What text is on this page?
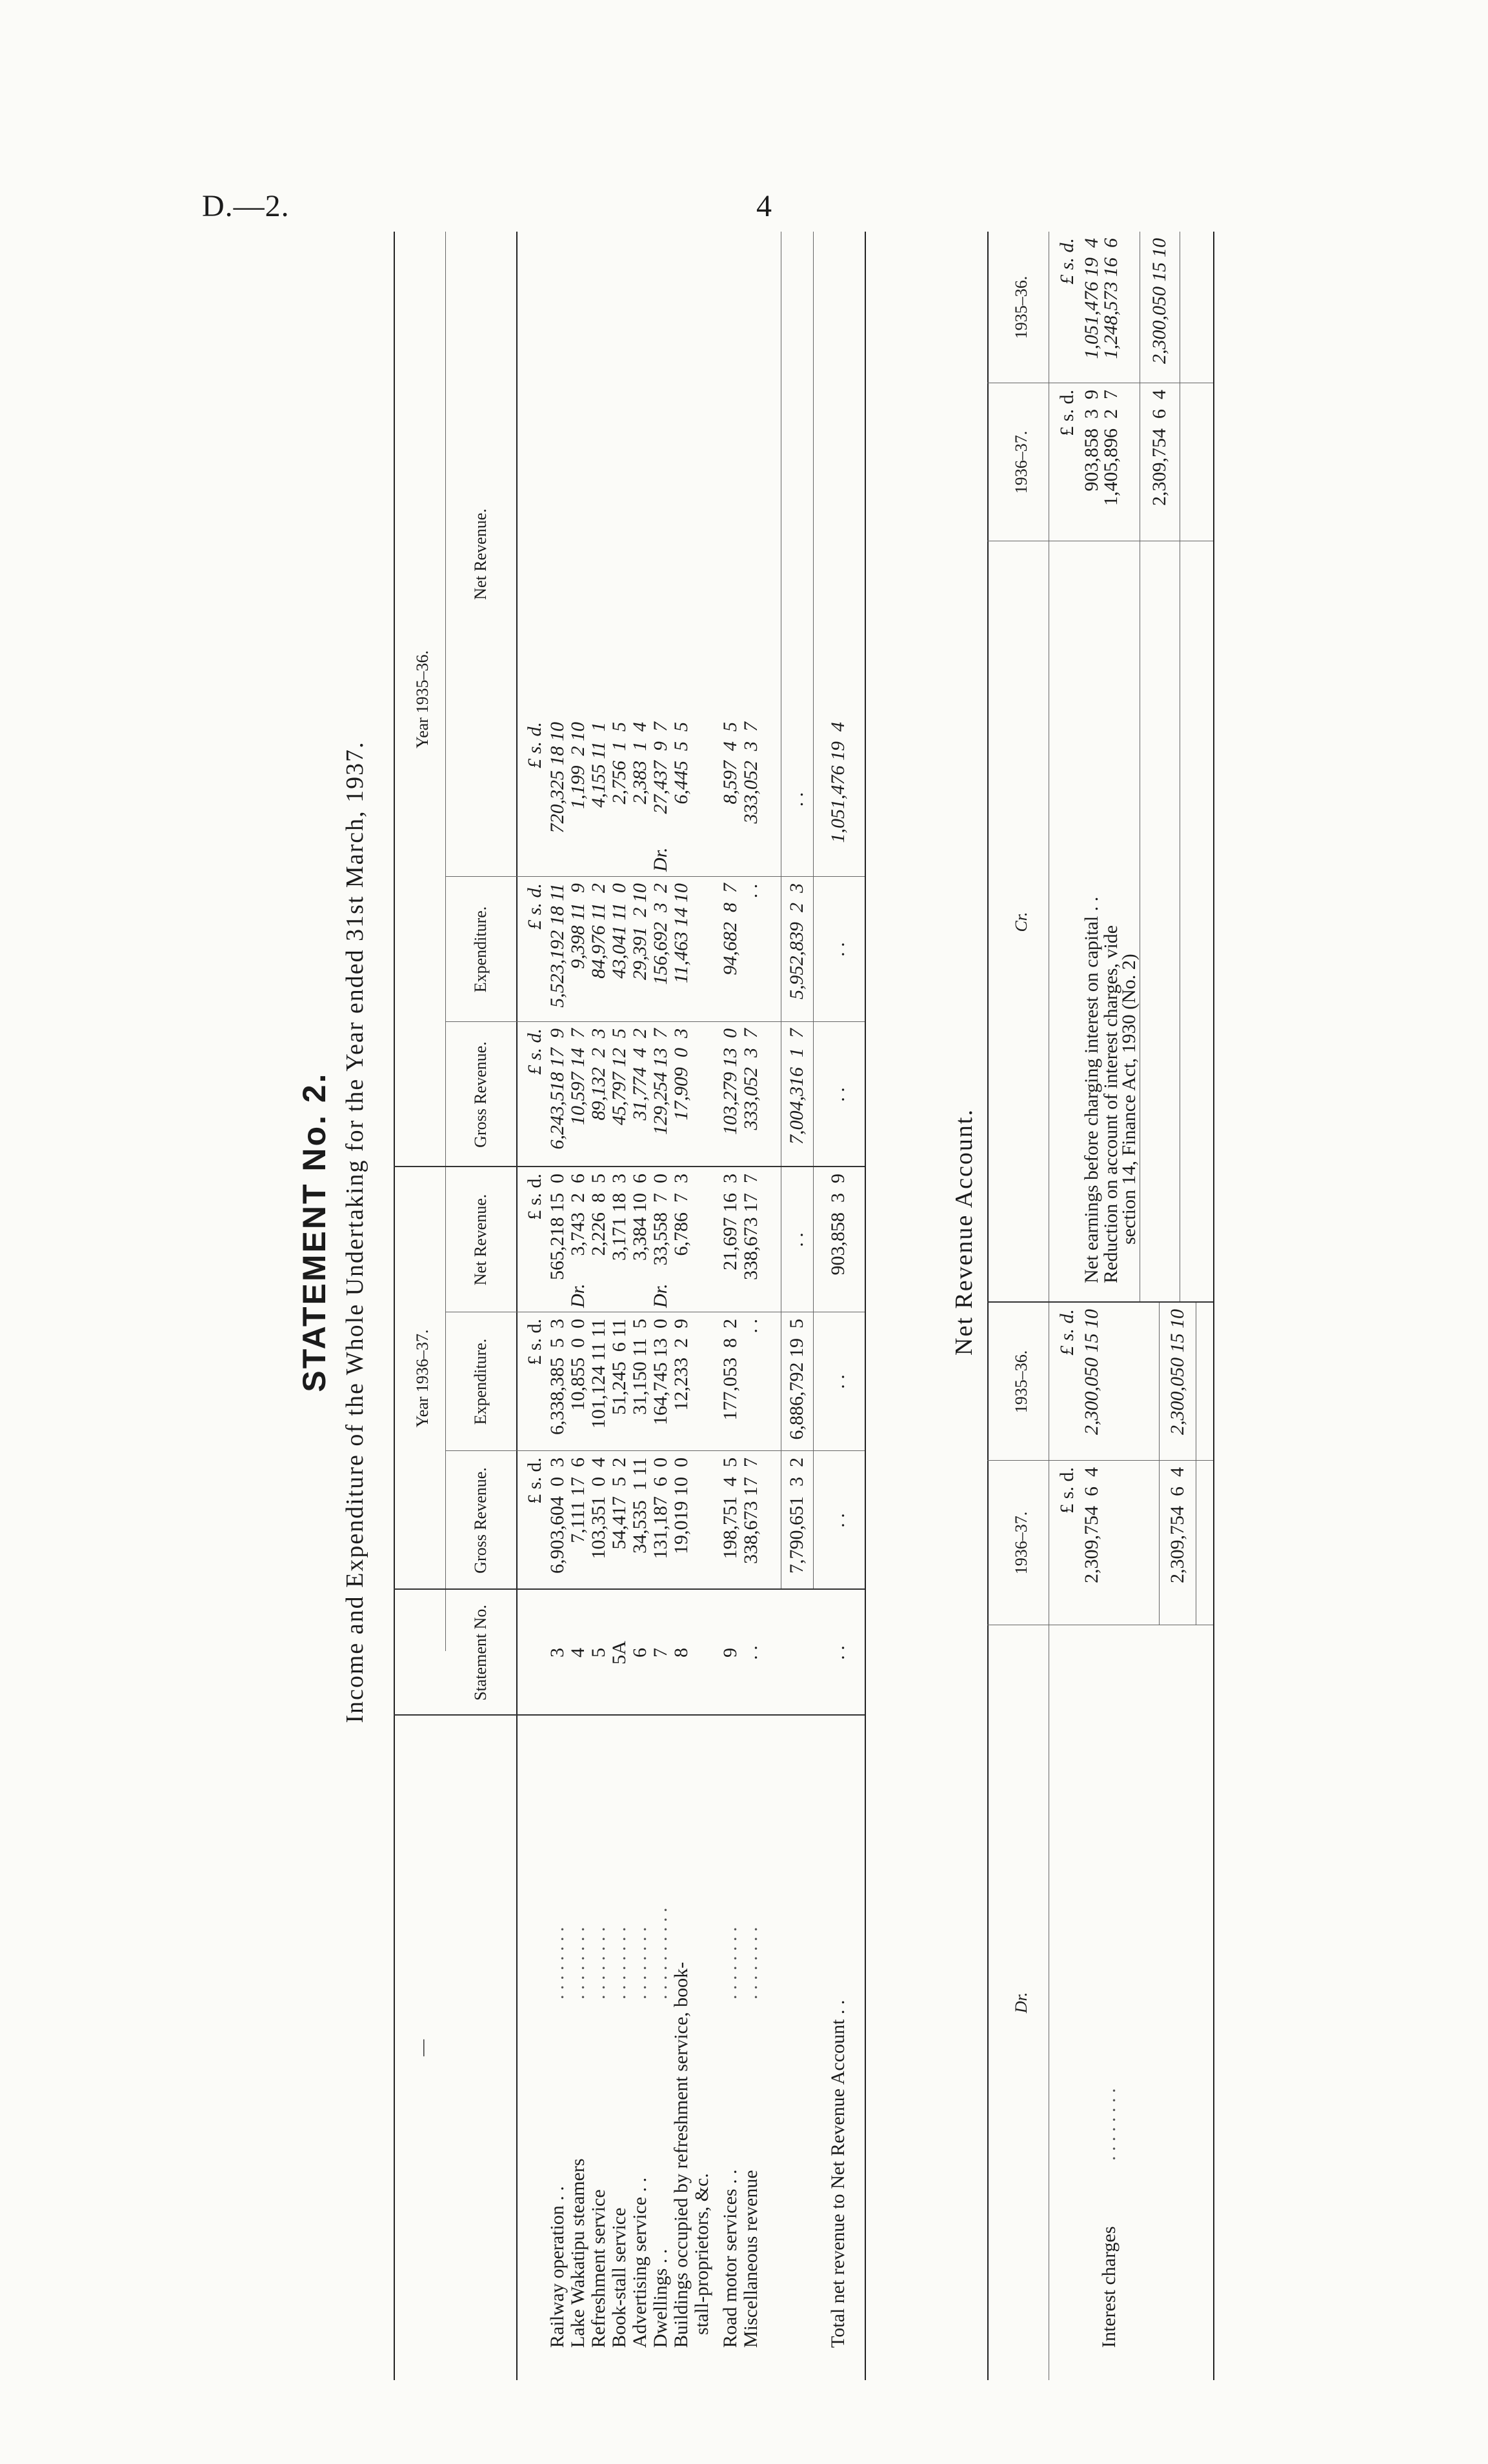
D.—2.	4
STATEMENT No. 2. Income and Expenditure of the Whole Undertaking for the Year ended 31st March, 1937.
—
Statement No.
Year 1936–37.
Year 1935–36.
Gross Revenue.
Expenditure.
Net Revenue.
Gross Revenue.
Expenditure.
Net Revenue.
£ s. d.
£ s. d.
£ s. d.
£ s. d.
£ s. d.
£ s. d.
Railway operation . .
. . . . . . . .
3
6,903,604  0  3
6,338,385  5  3
565,218 15  0
6,243,518 17  9
5,523,192 18 11
720,325 18 10
Lake Wakatipu steamers
. . . . . . . .
4
7,111 17  6
10,855  0  0
3,743  2  6
10,597 14  7
9,398 11  9
1,199  2 10
Dr.
Refreshment service
. . . . . . . .
5
103,351  0  4
101,124 11 11
2,226  8  5
89,132  2  3
84,976 11  2
4,155 11  1
Book-stall service
. . . . . . . .
5A
54,417  5  2
51,245  6 11
3,171 18  3
45,797 12  5
43,041 11  0
2,756  1  5
Advertising service . .
. . . . . . . .
6
34,535  1 11
31,150 11  5
3,384 10  6
31,774  4  2
29,391  2 10
2,383  1  4
Dwellings . .
. . . . . . . . . .
7
131,187  6  0
164,745 13  0
33,558  7  0
129,254 13  7
156,692  3  2
27,437  9  7
Dr.
Dr.
Buildings occupied by refreshment service, book-
8
19,019 10  0
12,233  2  9
6,786  7  3
17,909  0  3
11,463 14 10
6,445  5  5
stall-proprietors, &c. Road motor services . .
. . . . . . . .
9
198,751  4  5
177,053  8  2
21,697 16  3
103,279 13  0
94,682  8  7
8,597  4  5
Miscellaneous revenue
. . . . . . . .
. .
338,673 17  7
. .
338,673 17  7
333,052  3  7
. .
333,052  3  7
7,790,651  3  2
6,886,792 19  5
. .
7,004,316  1  7
5,952,839  2  3
. .
Total net revenue to Net Revenue Account . .
. .
. .
. .
903,858  3  9
. .
. .
1,051,476 19  4
Net Revenue Account.
Dr.
1936–37.
1935–36.
Cr.
1936–37.
1935–36.
£ s. d.
£ s. d.
£ s. d.
£ s. d.
Interest charges
. . . . . . . .
2,309,754  6  4
2,300,050 15 10
Net earnings before charging interest on capital . .
903,858  3  9
1,051,476 19  4
Reduction on account of interest charges, vide
1,405,896  2  7
1,248,573 16  6
section 14, Finance Act, 1930 (No. 2)
2,309,754  6  4
2,300,050 15 10
2,309,754  6  4
2,300,050 15 10
